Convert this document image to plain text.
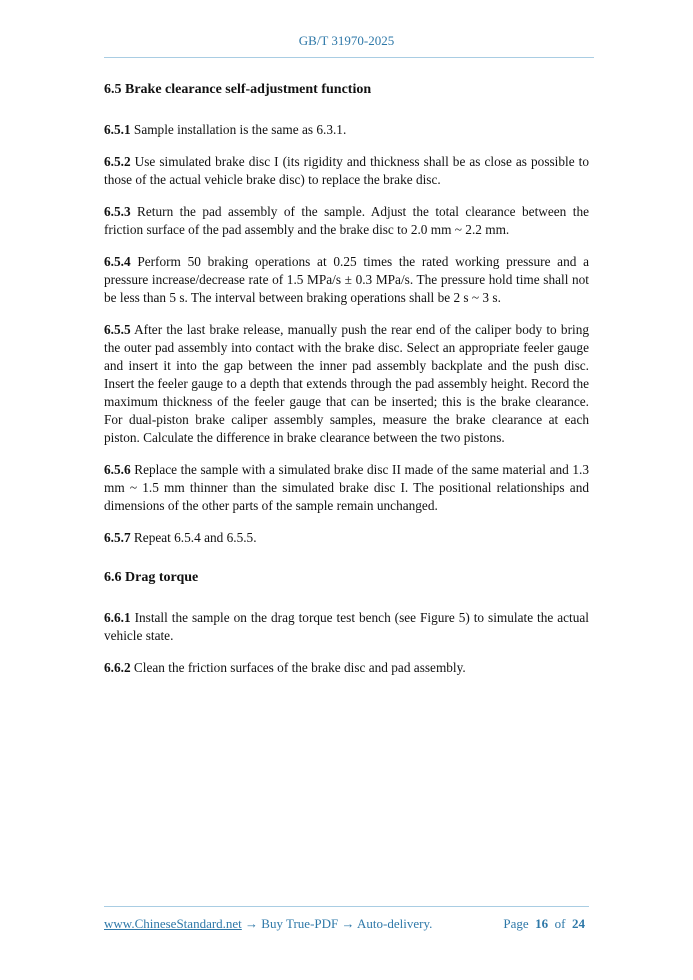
GB/T 31970-2025
6.5 Brake clearance self-adjustment function

6.5.1 Sample installation is the same as 6.3.1.

6.5.2 Use simulated brake disc I (its rigidity and thickness shall be as close as possible to those of the actual vehicle brake disc) to replace the brake disc.

6.5.3 Return the pad assembly of the sample. Adjust the total clearance between the friction surface of the pad assembly and the brake disc to 2.0 mm ~ 2.2 mm.

6.5.4 Perform 50 braking operations at 0.25 times the rated working pressure and a pressure increase/decrease rate of 1.5 MPa/s ± 0.3 MPa/s. The pressure hold time shall not be less than 5 s. The interval between braking operations shall be 2 s ~ 3 s.

6.5.5 After the last brake release, manually push the rear end of the caliper body to bring the outer pad assembly into contact with the brake disc. Select an appropriate feeler gauge and insert it into the gap between the inner pad assembly backplate and the push disc. Insert the feeler gauge to a depth that extends through the pad assembly height. Record the maximum thickness of the feeler gauge that can be inserted; this is the brake clearance. For dual-piston brake caliper assembly samples, measure the brake clearance at each piston. Calculate the difference in brake clearance between the two pistons.

6.5.6 Replace the sample with a simulated brake disc II made of the same material and 1.3 mm ~ 1.5 mm thinner than the simulated brake disc I. The positional relationships and dimensions of the other parts of the sample remain unchanged.

6.5.7 Repeat 6.5.4 and 6.5.5.

6.6 Drag torque

6.6.1 Install the sample on the drag torque test bench (see Figure 5) to simulate the actual vehicle state.

6.6.2 Clean the friction surfaces of the brake disc and pad assembly.

www.ChineseStandard.net → Buy True-PDF → Auto-delivery.	Page 16 of 24
